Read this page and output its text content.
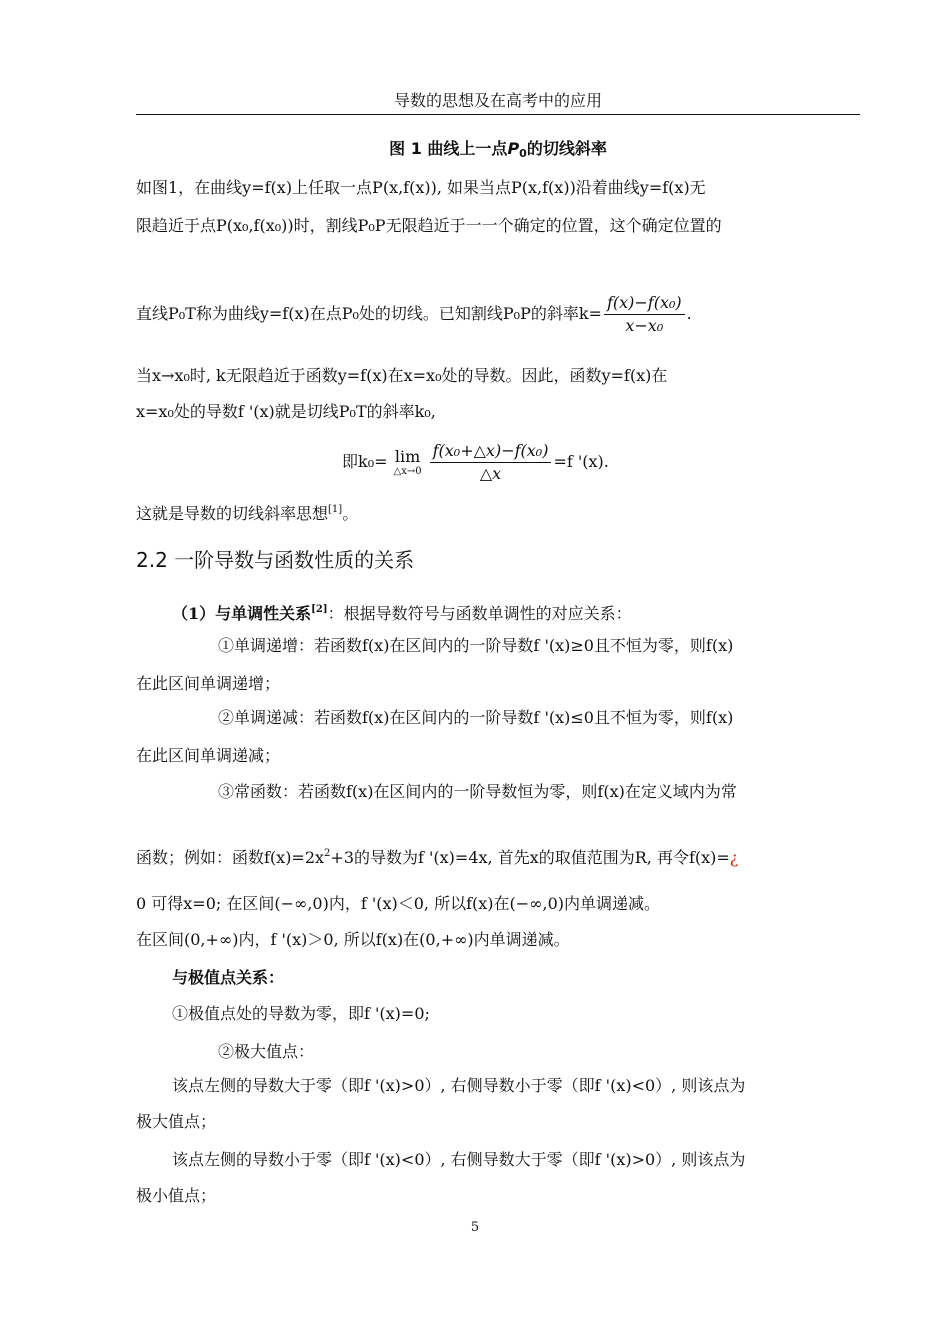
导数的思想及在高考中的应用
图 1 曲线上一点$P_0$的切线斜率
如图1，在曲线y=f(x)上任取一点P(x,f(x)), 如果当点P(x,f(x))沿着曲线y=f(x)无
限趋近于点P(x₀,f(x₀))时，割线P₀P无限趋近于一一个确定的位置，这个确定位置的
直线P₀T称为曲线y=f(x)在点P₀处的切线。已知割线P₀P的斜率$k= \frac{\text{f(x)−f(x₀)}}{\text{x−x₀}}$ .
当x→x₀时, k无限趋近于函数y=f(x)在x=x₀处的导数。因此，函数y=f(x)在
x=x₀处的导数f '(x)就是切线P₀T的斜率k₀,
即k₀= lim
△x→0 $\frac{\text{f(x₀+△x)−f(x₀)}}{\triangle x} =f$ '(x).
这就是导数的切线斜率思想[1]。
2.2 一阶导数与函数性质的关系
（1）与单调性关系[2]：根据导数符号与函数单调性的对应关系：
①单调递增：若函数f(x)在区间内的一阶导数f '(x)≥0且不恒为零，则f(x)
在此区间单调递增；
②单调递减：若函数f(x)在区间内的一阶导数f '(x)≤0且不恒为零，则f(x)
在此区间单调递减；
③常函数：若函数f(x)在区间内的一阶导数恒为零，则f(x)在定义域内为常
函数；例如：函数$f(x)=2x^2+3$的导数为f '(x)=4x, 首先x的取值范围为R, 再令f(x)=¿
0 可得x=0; 在区间(−∞,0)内，f '(x)＜0, 所以f(x)在(−∞,0)内单调递减。
在区间(0,+∞)内，f '(x)＞0, 所以f(x)在(0,+∞)内单调递减。
与极值点关系：
①极值点处的导数为零，即f '(x)=0;
②极大值点：
该点左侧的导数大于零（即f '(x)>0）, 右侧导数小于零（即f '(x)<0）, 则该点为
极大值点；
该点左侧的导数小于零（即f '(x)<0）, 右侧导数大于零（即f '(x)>0）, 则该点为
极小值点；
5
